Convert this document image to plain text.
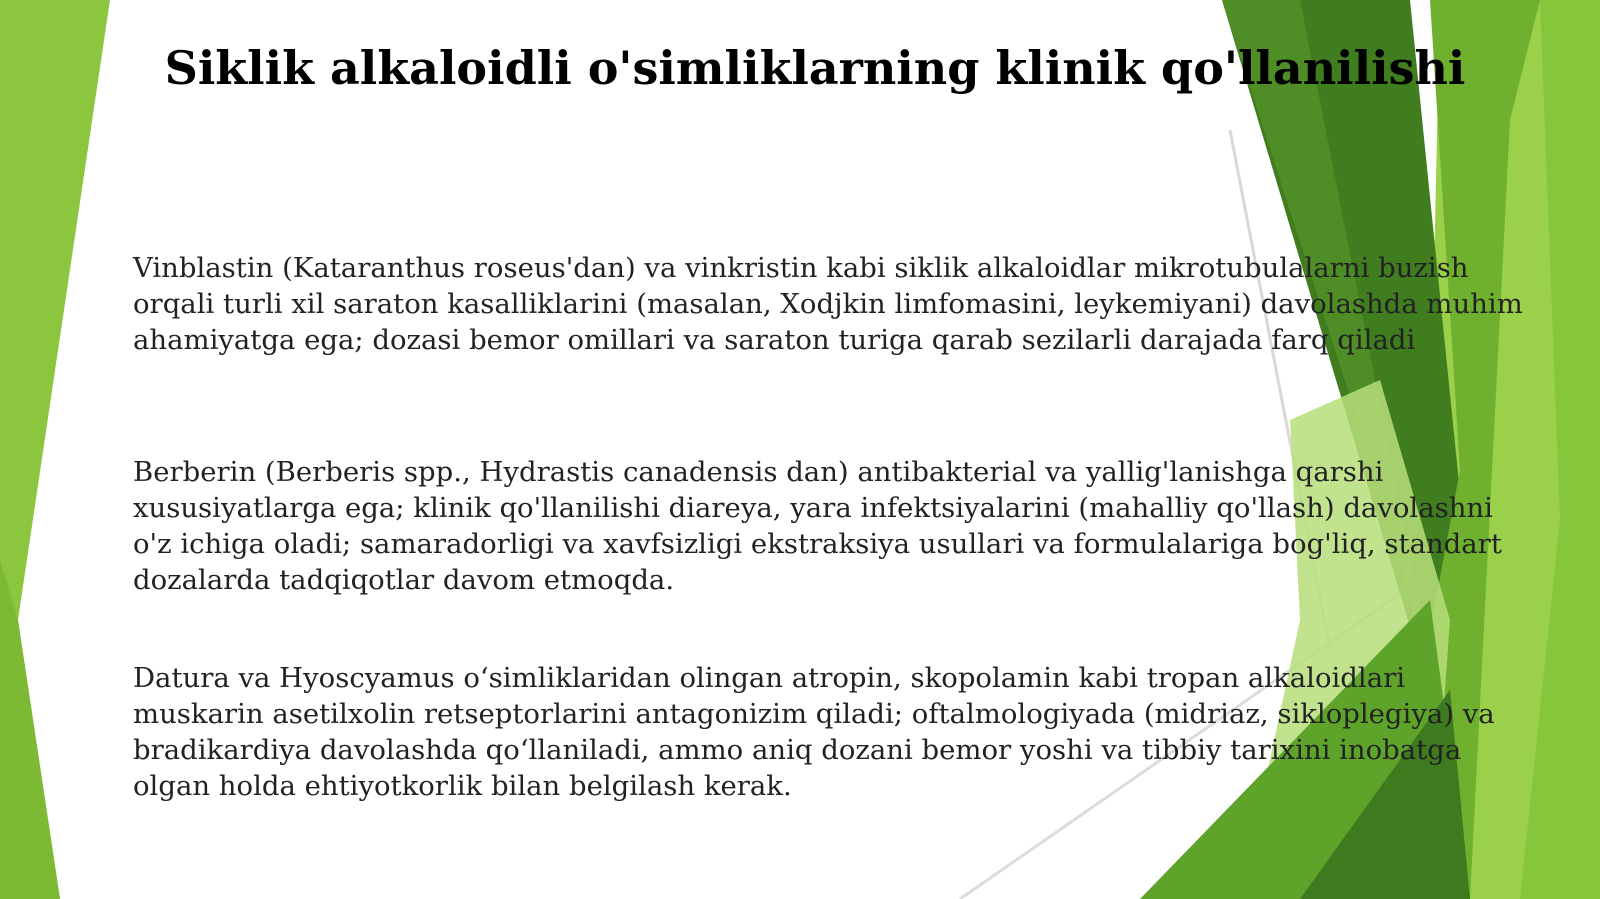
Siklik alkaloidli o'simliklarning klinik qo'llanilishi

Vinblastin (Kataranthus roseus'dan) va vinkristin kabi siklik alkaloidlar mikrotubulalarni buzish orqali turli xil saraton kasalliklarini (masalan, Xodjkin limfomasini, leykemiyani) davolashda muhim ahamiyatga ega; dozasi bemor omillari va saraton turiga qarab sezilarli darajada farq qiladi

Berberin (Berberis spp., Hydrastis canadensis dan) antibakterial va yallig'lanishga qarshi xususiyatlarga ega; klinik qo'llanilishi diareya, yara infektsiyalarini (mahalliy qo'llash) davolashni o'z ichiga oladi; samaradorligi va xavfsizligi ekstraksiya usullari va formulalariga bog'liq, standart dozalarda tadqiqotlar davom etmoqda.

Datura va Hyoscyamus o‘simliklaridan olingan atropin, skopolamin kabi tropan alkaloidlari muskarin asetilxolin retseptorlarini antagonizim qiladi; oftalmologiyada (midriaz, sikloplegiya) va bradikardiya davolashda qo‘llaniladi, ammo aniq dozani bemor yoshi va tibbiy tarixini inobatga olgan holda ehtiyotkorlik bilan belgilash kerak.
